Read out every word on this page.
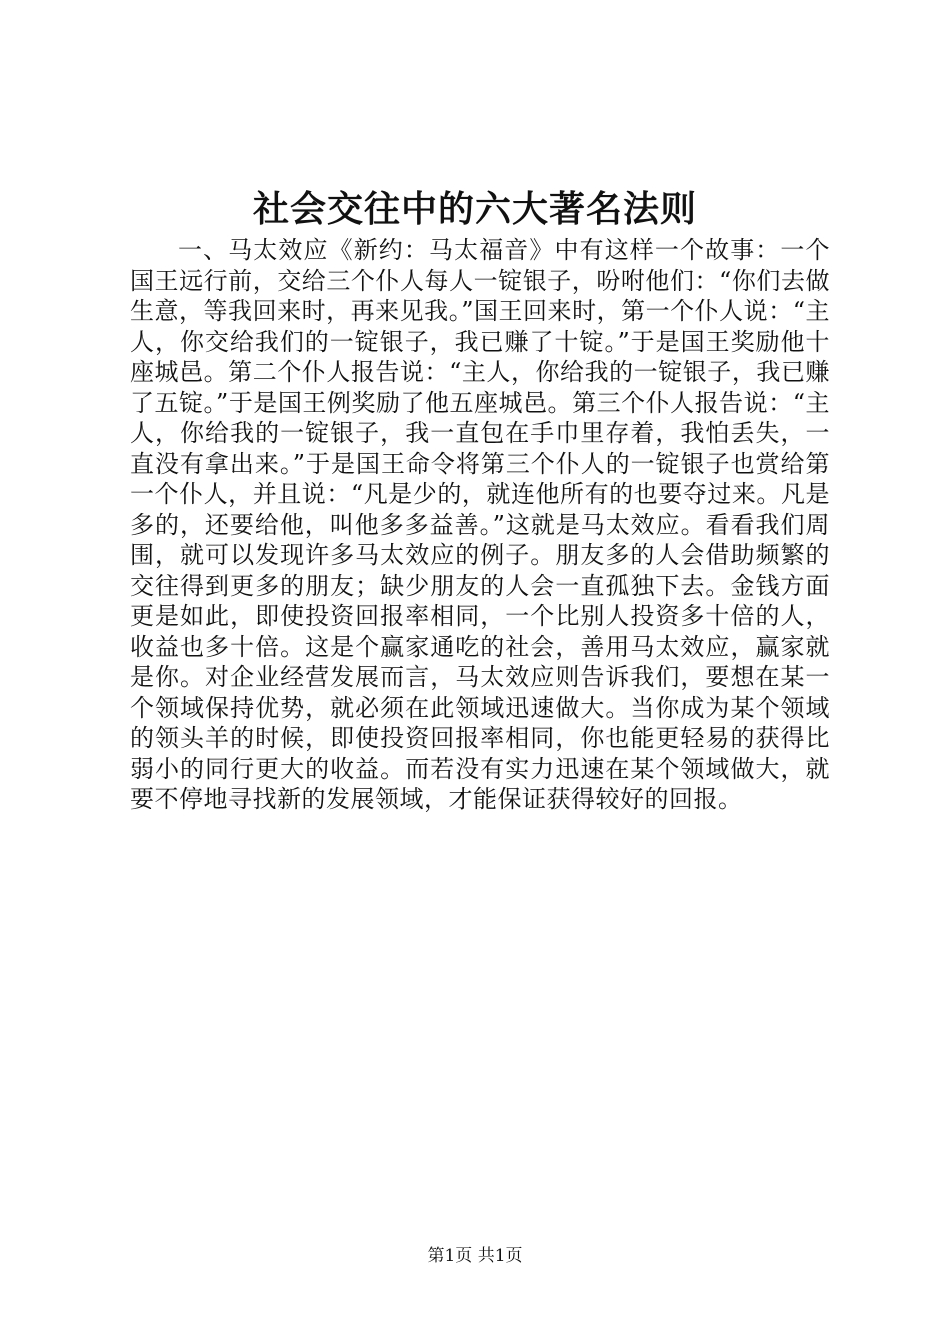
社会交往中的六大著名法则

一、马太效应《新约：马太福音》中有这样一个故事：一个国王远行前，交给三个仆人每人一锭银子，吩咐他们：“你们去做生意，等我回来时，再来见我。”国王回来时，第一个仆人说：“主人，你交给我们的一锭银子，我已赚了十锭。”于是国王奖励他十座城邑。第二个仆人报告说：“主人，你给我的一锭银子，我已赚了五锭。”于是国王例奖励了他五座城邑。第三个仆人报告说：“主人，你给我的一锭银子，我一直包在手巾里存着，我怕丢失，一直没有拿出来。”于是国王命令将第三个仆人的一锭银子也赏给第一个仆人，并且说：“凡是少的，就连他所有的也要夺过来。凡是多的，还要给他，叫他多多益善。”这就是马太效应。看看我们周围，就可以发现许多马太效应的例子。朋友多的人会借助频繁的交往得到更多的朋友；缺少朋友的人会一直孤独下去。金钱方面更是如此，即使投资回报率相同，一个比别人投资多十倍的人，收益也多十倍。这是个赢家通吃的社会，善用马太效应，赢家就是你。对企业经营发展而言，马太效应则告诉我们，要想在某一个领域保持优势，就必须在此领域迅速做大。当你成为某个领域的领头羊的时候，即使投资回报率相同，你也能更轻易的获得比弱小的同行更大的收益。而若没有实力迅速在某个领域做大，就要不停地寻找新的发展领域，才能保证获得较好的回报。

第1页 共1页
